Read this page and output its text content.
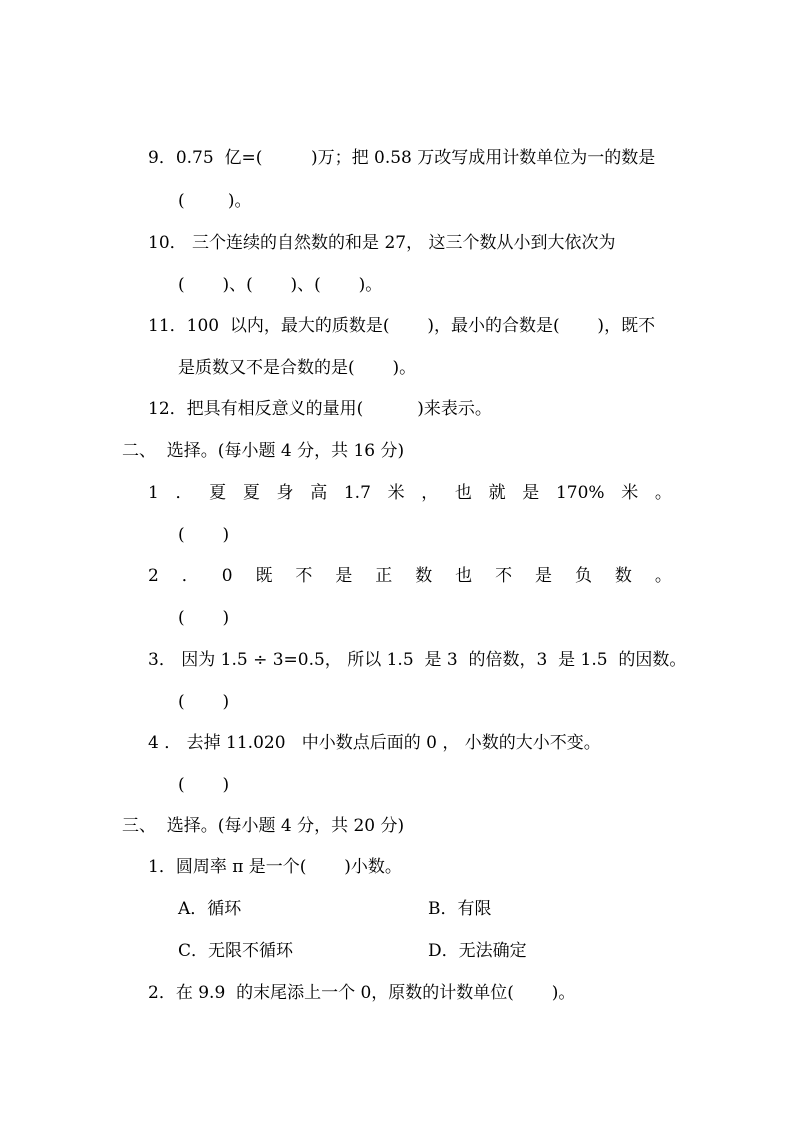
9．0.75  亿=(         )万；把 0.58 万改写成用计数单位为一的数是
(        )。
10． 三个连续的自然数的和是 27， 这三个数从小到大依次为
(       )、(       )、(       )。
11．100  以内，最大的质数是(       )，最小的合数是(       )，既不
是质数又不是合数的是(       )。
12．把具有相反意义的量用(          )来表示。
二、  选择。(每小题 4 分，共 16 分)
1 ． 夏 夏 身 高 1.7 米 ， 也 就 是 170% 米 。
(       )
2 ． 0 既 不 是 正 数 也 不 是 负 数 。
(       )
3． 因为 1.5 ÷ 3=0.5， 所以 1.5  是 3  的倍数，3  是 1.5  的因数。
(       )
4 ． 去掉 11.020   中小数点后面的 0 ， 小数的大小不变。
(       )
三、  选择。(每小题 4 分，共 20 分)
1．圆周率 π 是一个(       )小数。
A．循环	B．有限
C．无限不循环	D．无法确定
2．在 9.9  的末尾添上一个 0，原数的计数单位(       )。
